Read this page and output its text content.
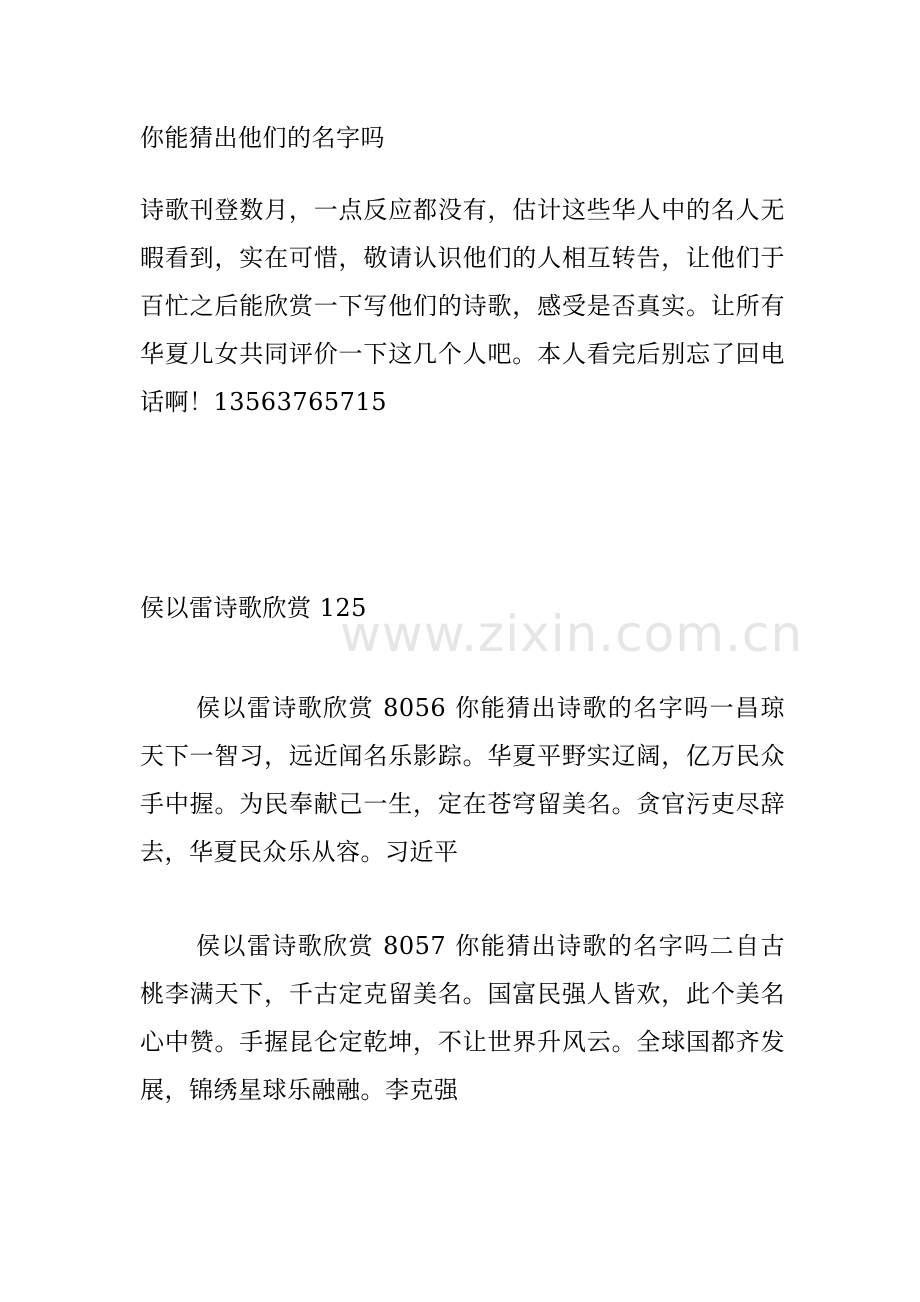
你能猜出他们的名字吗

诗歌刊登数月，一点反应都没有，估计这些华人中的名人无暇看到，实在可惜，敬请认识他们的人相互转告，让他们于百忙之后能欣赏一下写他们的诗歌，感受是否真实。让所有华夏儿女共同评价一下这几个人吧。本人看完后别忘了回电话啊！13563765715

www.zixin.com.cn
侯以雷诗歌欣赏 125

侯以雷诗歌欣赏 8056 你能猜出诗歌的名字吗一昌琼天下一智习，远近闻名乐影踪。华夏平野实辽阔，亿万民众手中握。为民奉献己一生，定在苍穹留美名。贪官污吏尽辞去，华夏民众乐从容。习近平

侯以雷诗歌欣赏 8057 你能猜出诗歌的名字吗二自古桃李满天下，千古定克留美名。国富民强人皆欢，此个美名心中赞。手握昆仑定乾坤，不让世界升风云。全球国都齐发展，锦绣星球乐融融。李克强
